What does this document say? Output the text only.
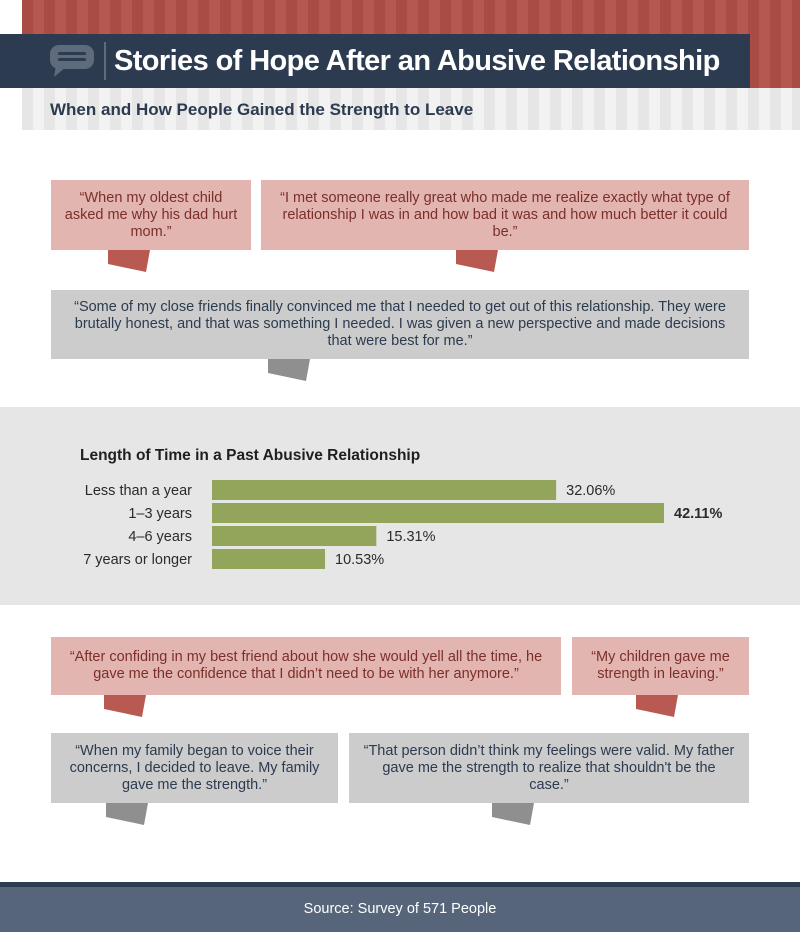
Stories of Hope After an Abusive Relationship
When and How People Gained the Strength to Leave
“When my oldest child asked me why his dad hurt mom.”
“I met someone really great who made me realize exactly what type of relationship I was in and how bad it was and how much better it could be.”
“Some of my close friends finally convinced me that I needed to get out of this relationship. They were brutally honest, and that was something I needed. I was given a new perspective and made decisions that were best for me.”
Length of Time in a Past Abusive Relationship
Less than a year	32.06%
1–3 years	42.11%
4–6 years	15.31%
7 years or longer	10.53%
“After confiding in my best friend about how she would yell all the time, he gave me the confidence that I didn’t need to be with her anymore.”
“My children gave me strength in leaving.”
“When my family began to voice their concerns, I decided to leave. My family gave me the strength.”
“That person didn’t think my feelings were valid. My father gave me the strength to realize that shouldn't be the case.”
Source: Survey of 571 People
